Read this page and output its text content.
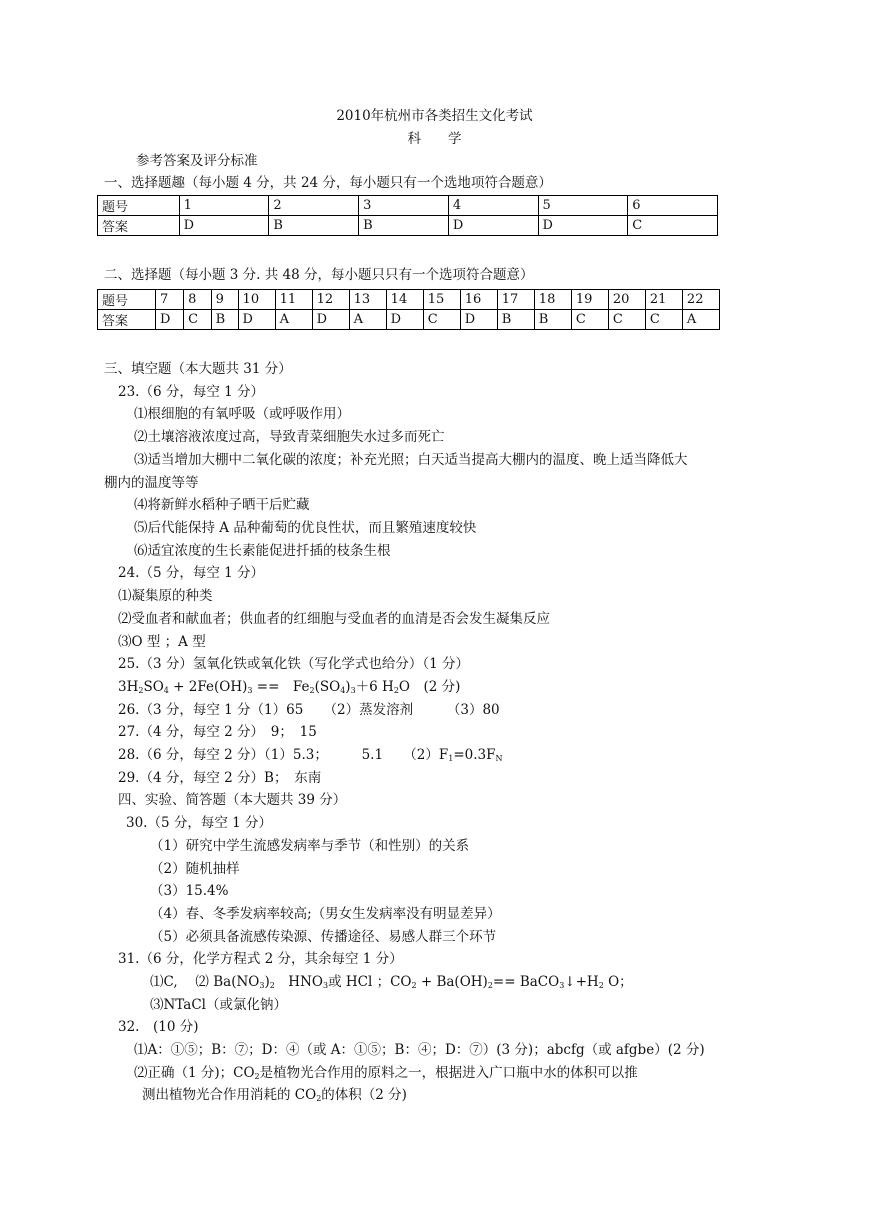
2010年杭州市各类招生文化考试
科　　学
参考答案及评分标准
一、选择题趣（每小题 4 分，共 24 分，每小题只有一个选地项符合题意）
题号	1	2	3	4	5	6
答案	D	B	B	D	D	C
二、选择题（每小题 3 分. 共 48 分，每小题只只有一个选项符合题意）
题号	7	8	9	10	11	12	13	14	15	16	17	18	19	20	21	22
答案	D	C	B	D	A	D	A	D	C	D	B	B	C	C	C	A
三、填空题（本大题共 31 分）
23.（6 分，每空 1 分）
⑴根细胞的有氧呼吸（或呼吸作用）
⑵土壤溶液浓度过高，导致青菜细胞失水过多而死亡
⑶适当增加大棚中二氧化碳的浓度；补充光照；白天适当提高大棚内的温度、晚上适当降低大
棚内的温度等等
⑷将新鲜水稻种子晒干后贮藏
⑸后代能保持 A 品种葡萄的优良性状，而且繁殖速度较快
⑹适宜浓度的生长素能促进扦插的枝条生根
24.（5 分，每空 1 分）
⑴凝集原的种类
⑵受血者和献血者；供血者的红细胞与受血者的血清是否会发生凝集反应
⑶O 型 ；A 型
25.（3 分）氢氧化铁或氧化铁（写化学式也给分）（1 分）
$3H_2SO_4 + 2Fe(OH)_3$ ==　$Fe_2(SO_4)_3+6$ $H_2O$　(2 分)
26.（3 分，每空 1 分（1）65　　（2）蒸发溶剂　　　（3）80
27.（4 分，每空 2 分）　9；　15
28.（6 分，每空 2 分）（1）5.3；　　　5.1　　$(2)F_1=0.3F_N$
29.（4 分，每空 2 分）B；　东南
四、实验、简答题（本大题共 39 分）
30.（5 分，每空 1 分）
（1）研究中学生流感发病率与季节（和性别）的关系
（2）随机抽样
（3）15.4%
（4）春、冬季发病率较高;（男女生发病率没有明显差异）
（5）必须具备流感传染源、传播途径、易感人群三个环节
31.（6 分，化学方程式 2 分，其余每空 1 分）
⑴C,　 ⑵ $Ba(NO_3)_2$　$HNO_3$或 HCl ；$CO_2 + Ba(OH)_2==$ $BaCO_3↓+H_2$ O；
⑶NTaCl（或氯化钠）
32.　(10 分)
⑴A：①⑤；B：⑦；D：④（或 A：①⑤；B：④；D：⑦）(3 分)；abcfg（或 afgbe）(2 分)
⑵正确（1 分)；$CO_2$是植物光合作用的原料之一，根据进入广口瓶中水的体积可以推
测出植物光合作用消耗的 $CO_2$的体积（2 分)
